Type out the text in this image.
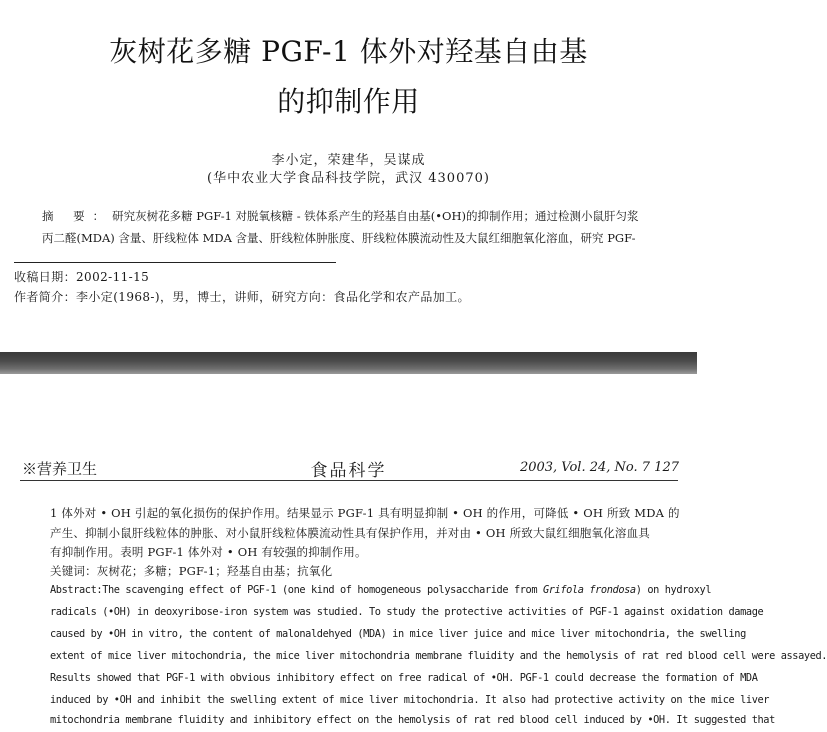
灰树花多糖 PGF-1 体外对羟基自由基
的抑制作用
李小定，荣建华，吴谋成
(华中农业大学食品科技学院，武汉 430070)
摘 要：研究灰树花多糖 PGF-1 对脱氧核糖 - 铁体系产生的羟基自由基(•OH)的抑制作用；通过检测小鼠肝匀浆
丙二醛(MDA) 含量、肝线粒体 MDA 含量、肝线粒体肿胀度、肝线粒体膜流动性及大鼠红细胞氧化溶血，研究 PGF-
收稿日期：2002-11-15
作者简介：李小定(1968-)，男，博士，讲师，研究方向：食品化学和农产品加工。
※营养卫生	食品科学	2003, Vol. 24, No. 7 127
1 体外对 • OH 引起的氧化损伤的保护作用。结果显示 PGF-1 具有明显抑制 • OH 的作用，可降低 • OH 所致 MDA 的
产生、抑制小鼠肝线粒体的肿胀、对小鼠肝线粒体膜流动性具有保护作用，并对由 • OH 所致大鼠红细胞氧化溶血具
有抑制作用。表明 PGF-1 体外对 • OH 有较强的抑制作用。
关键词：灰树花；多糖；PGF-1；羟基自由基；抗氧化
Abstract:The scavenging effect of PGF-1 (one kind of homogeneous polysaccharide from Grifola frondosa) on hydroxyl
radicals (•OH) in deoxyribose-iron system was studied. To study the protective activities of PGF-1 against oxidation damage
caused by •OH in vitro, the content of malonaldehyed (MDA) in mice liver juice and mice liver mitochondria, the swelling
extent of mice liver mitochondria, the mice liver mitochondria membrane fluidity and the hemolysis of rat red blood cell were assayed.
Results showed that PGF-1 with obvious inhibitory effect on free radical of •OH. PGF-1 could decrease the formation of MDA
induced by •OH and inhibit the swelling extent of mice liver mitochondria. It also had protective activity on the mice liver
mitochondria membrane fluidity and inhibitory effect on the hemolysis of rat red blood cell induced by •OH. It suggested that
